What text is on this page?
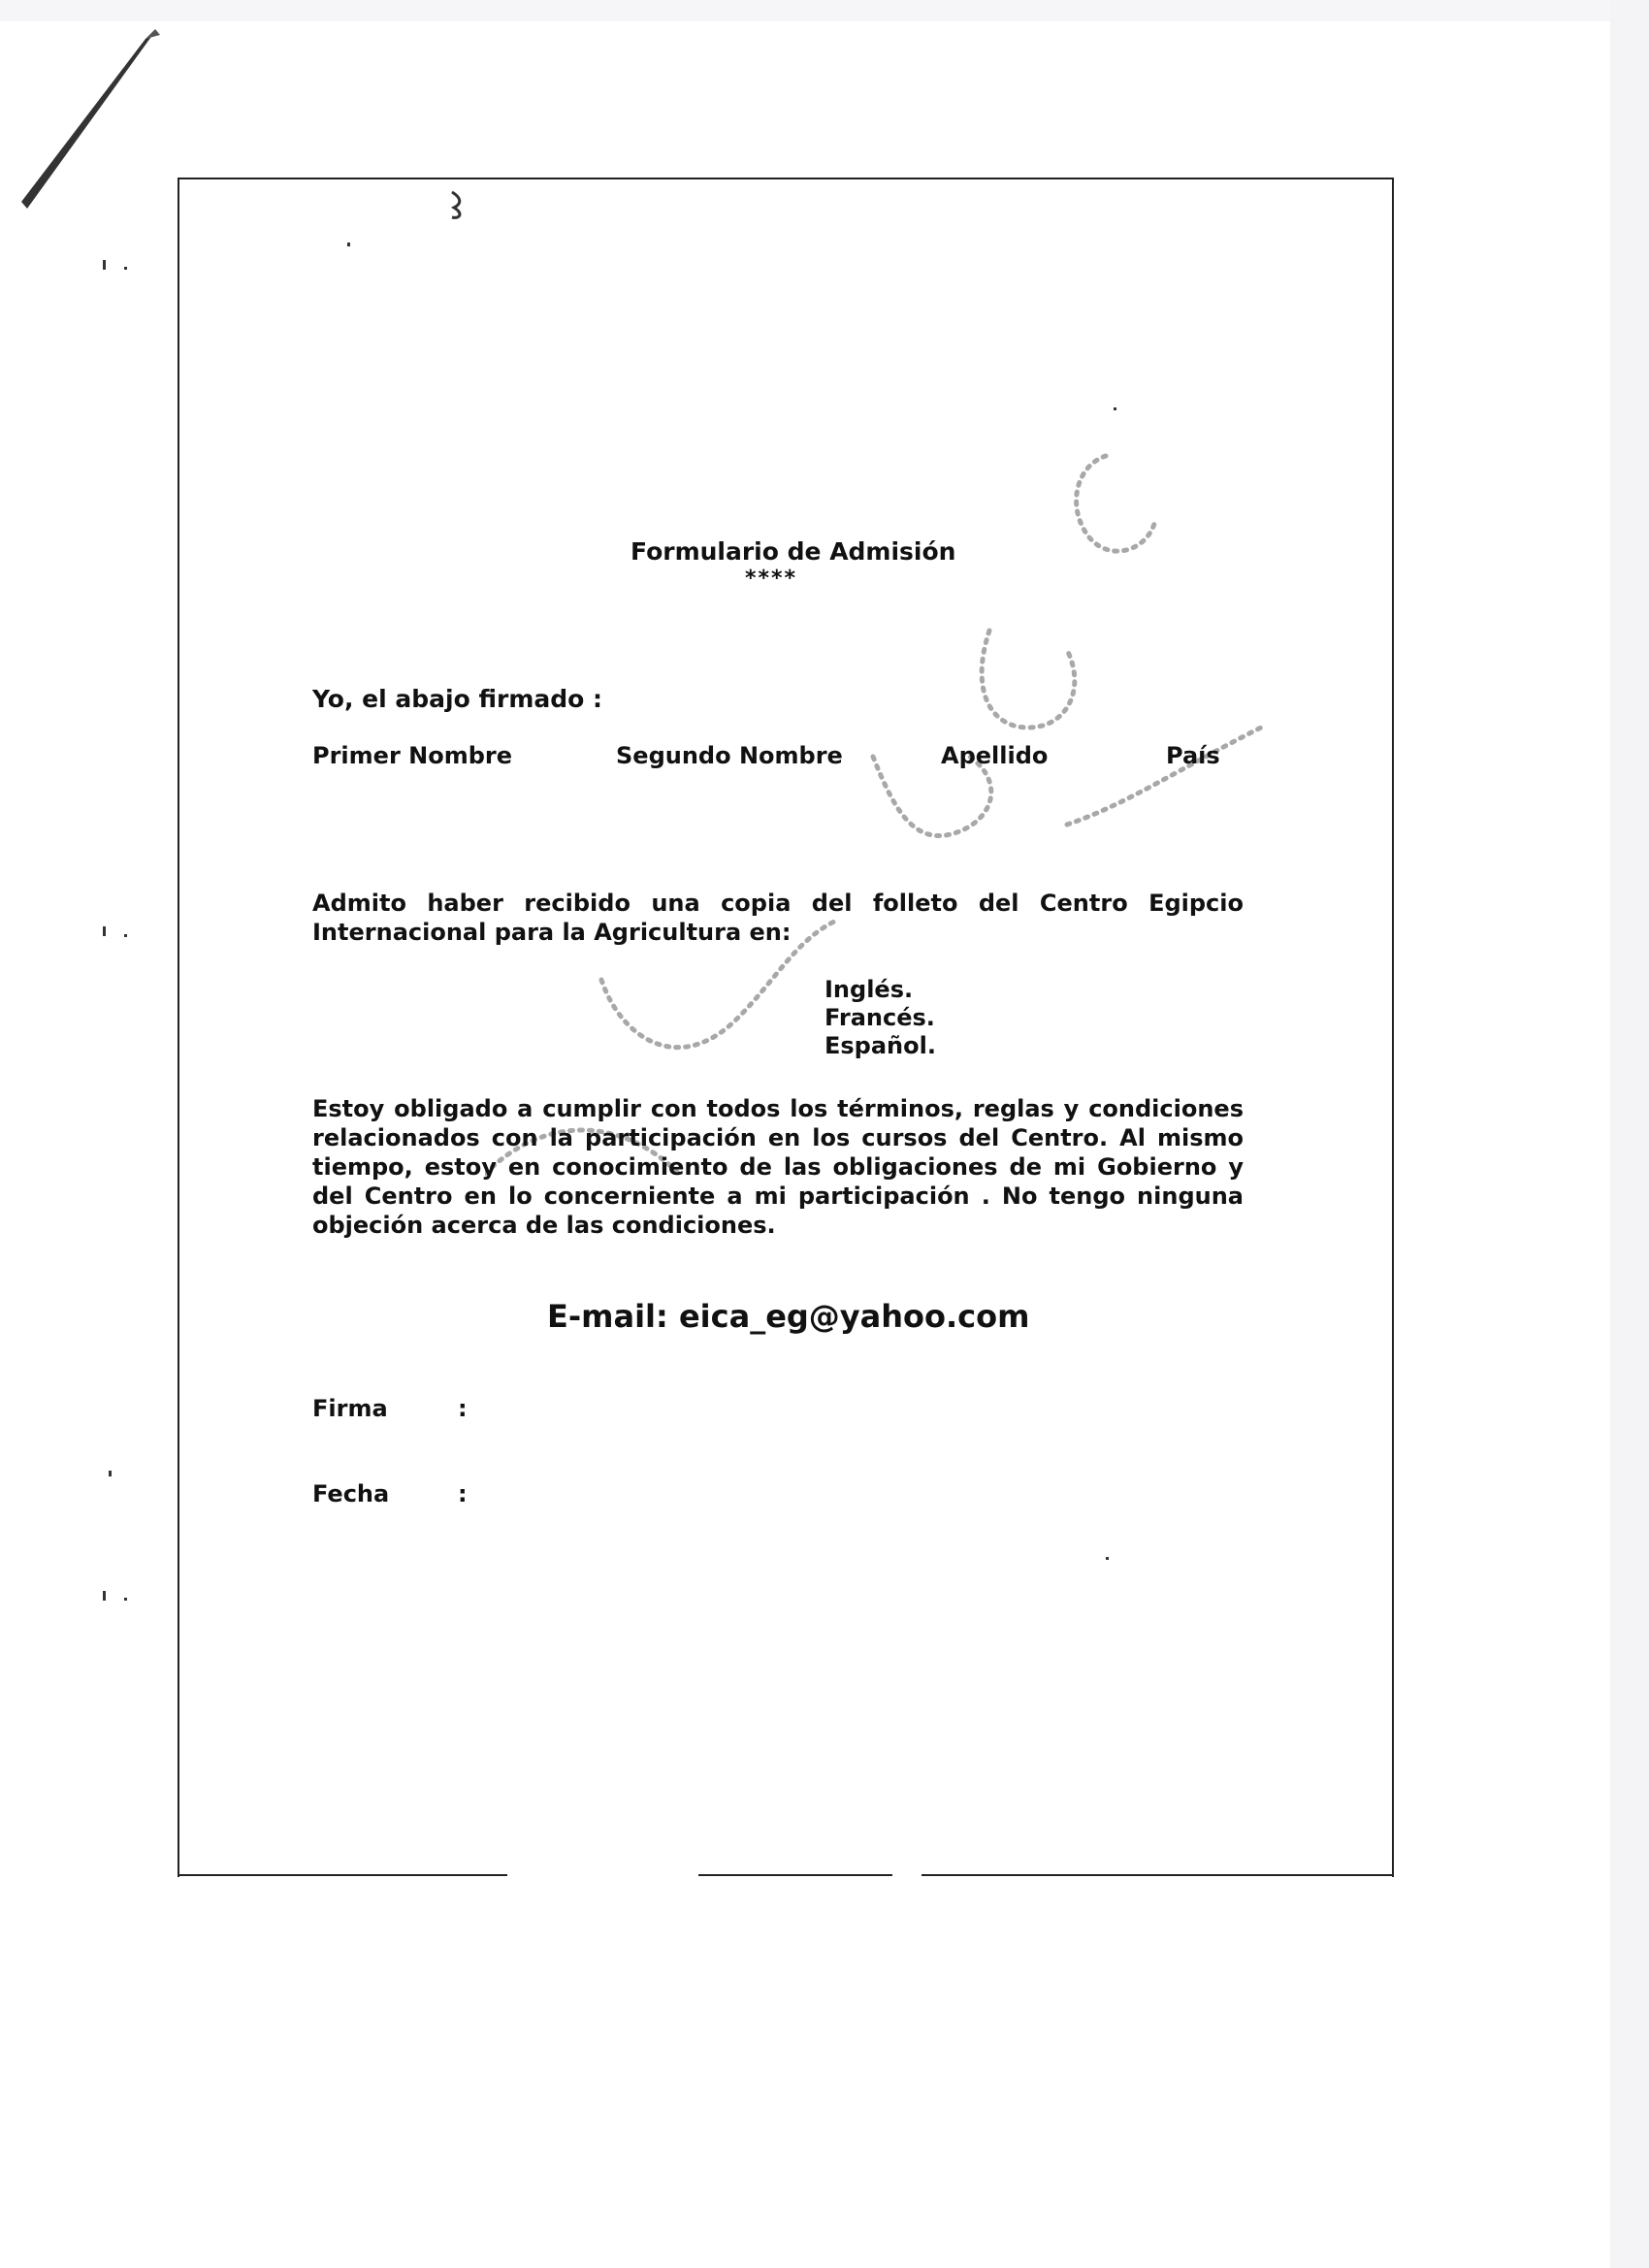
Formulario de Admisión
****

Yo, el abajo firmado :

Primer Nombre	Segundo Nombre	Apellido	País

Admito haber recibido una copia del folleto del Centro Egipcio Internacional para la Agricultura en:

Inglés.
Francés.
Español.

Estoy obligado a cumplir con todos los términos, reglas y condiciones relacionados con la participación en los cursos del Centro. Al mismo tiempo, estoy en conocimiento de las obligaciones de mi Gobierno y del Centro en lo concerniente a mi participación . No tengo ninguna objeción acerca de las condiciones.

E-mail: eica_eg@yahoo.com
Firma	:
Fecha	:
